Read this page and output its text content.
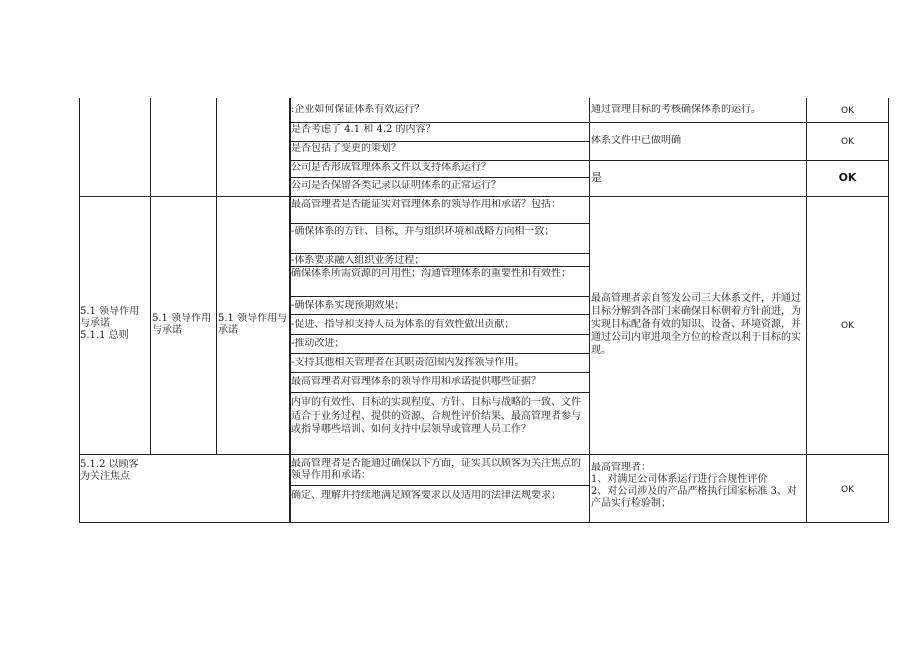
:企业如何保证体系有效运行？
是否考虑了 4.1 和 4.2 的内容？
是否包括了变更的策划？
公司是否形成管理体系文件以支持体系运行？
公司是否保留各类记录以证明体系的正常运行？
通过管理目标的考核确保体系的运行。
体系文件中已做明确
是
OK
OK
OK
5.1 领导作用与承诺
5.1.1 总则
5.1 领导作用与承诺
5.1 领导作用与承诺
最高管理者是否能证实对管理体系的领导作用和承诺？包括：
-确保体系的方针、目标，并与组织环境和战略方向相一致；
-体系要求融入组织业务过程；
确保体系所需资源的可用性；沟通管理体系的重要性和有效性；
-确保体系实现预期效果；
-促进、指导和支持人员为体系的有效性做出贡献；
-推动改进；
-支持其他相关管理者在其职责范围内发挥领导作用。
最高管理者对管理体系的领导作用和承诺提供哪些证据？
内审的有效性、目标的实现程度、方针、目标与战略的一致、文件适合于业务过程、提供的资源、合规性评价结果、最高管理者参与或指导哪些培训、如何支持中层领导或管理人员工作？
最高管理者亲自签发公司三大体系文件，并通过目标分解到各部门来确保目标朝着方针前进，为实现目标配备有效的知识、设备、环境资源，并通过公司内审进项全方位的检查以利于目标的实现。
OK
5.1.2 以顾客为关注焦点
最高管理者是否能通过确保以下方面，证实其以顾客为关注焦点的领导作用和承诺：
确定、理解并持续地满足顾客要求以及适用的法律法规要求；
最高管理者：
1、对满足公司体系运行进行合规性评价
2、对公司涉及的产品严格执行国家标准 3、对产品实行检验制；
OK
